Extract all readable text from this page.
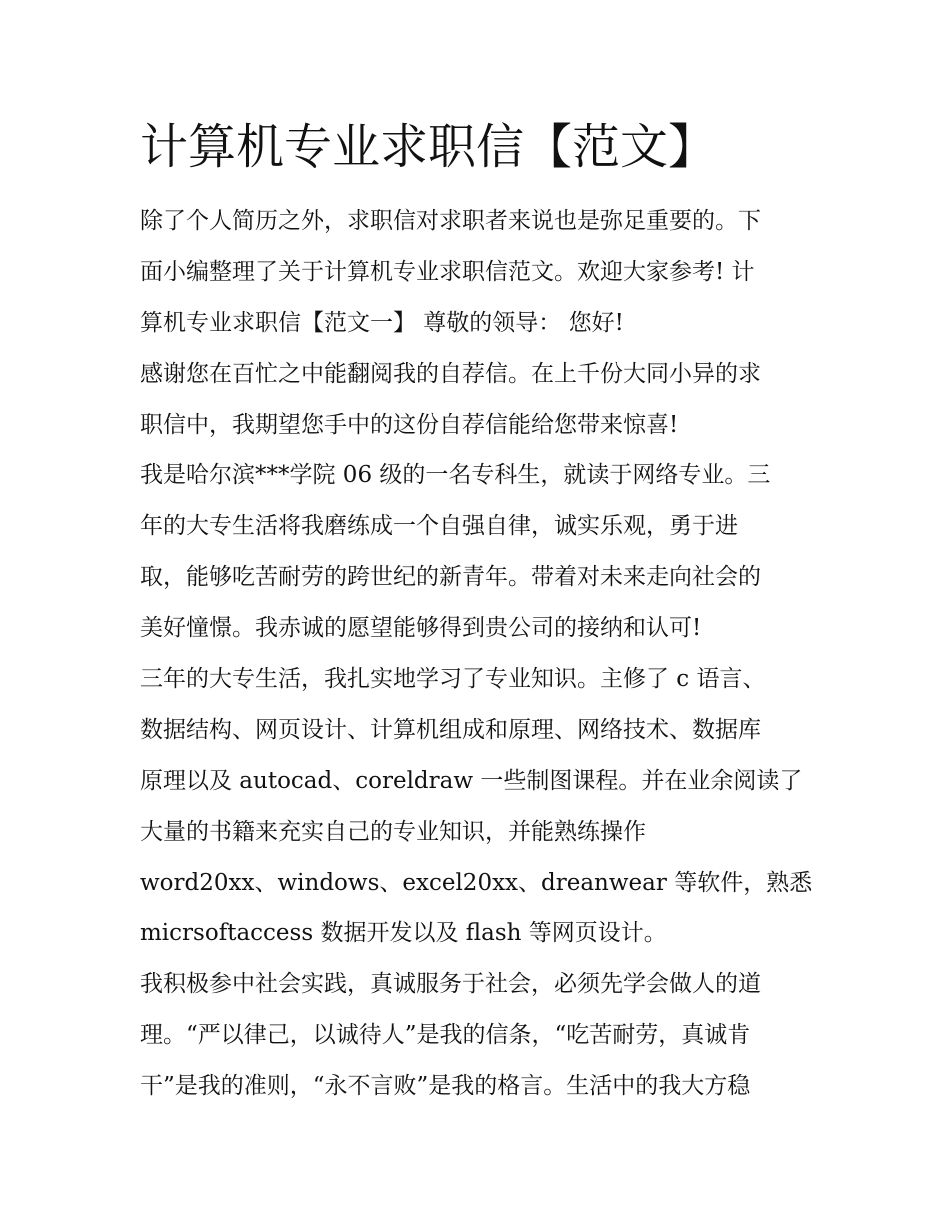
计算机专业求职信【范文】
除了个人简历之外，求职信对求职者来说也是弥足重要的。下
面小编整理了关于计算机专业求职信范文。欢迎大家参考! 计
算机专业求职信【范文一】 尊敬的领导： 您好!
感谢您在百忙之中能翻阅我的自荐信。在上千份大同小异的求
职信中，我期望您手中的这份自荐信能给您带来惊喜!
我是哈尔滨***学院 06 级的一名专科生，就读于网络专业。三
年的大专生活将我磨练成一个自强自律，诚实乐观，勇于进
取，能够吃苦耐劳的跨世纪的新青年。带着对未来走向社会的
美好憧憬。我赤诚的愿望能够得到贵公司的接纳和认可!
三年的大专生活，我扎实地学习了专业知识。主修了 c 语言、
数据结构、网页设计、计算机组成和原理、网络技术、数据库
原理以及 autocad、coreldraw 一些制图课程。并在业余阅读了
大量的书籍来充实自己的专业知识，并能熟练操作
word20xx、windows、excel20xx、dreanwear 等软件，熟悉
micrsoftaccess 数据开发以及 flash 等网页设计。
我积极参中社会实践，真诚服务于社会，必须先学会做人的道
理。“严以律己，以诚待人”是我的信条，“吃苦耐劳，真诚肯
干”是我的准则，“永不言败”是我的格言。生活中的我大方稳
